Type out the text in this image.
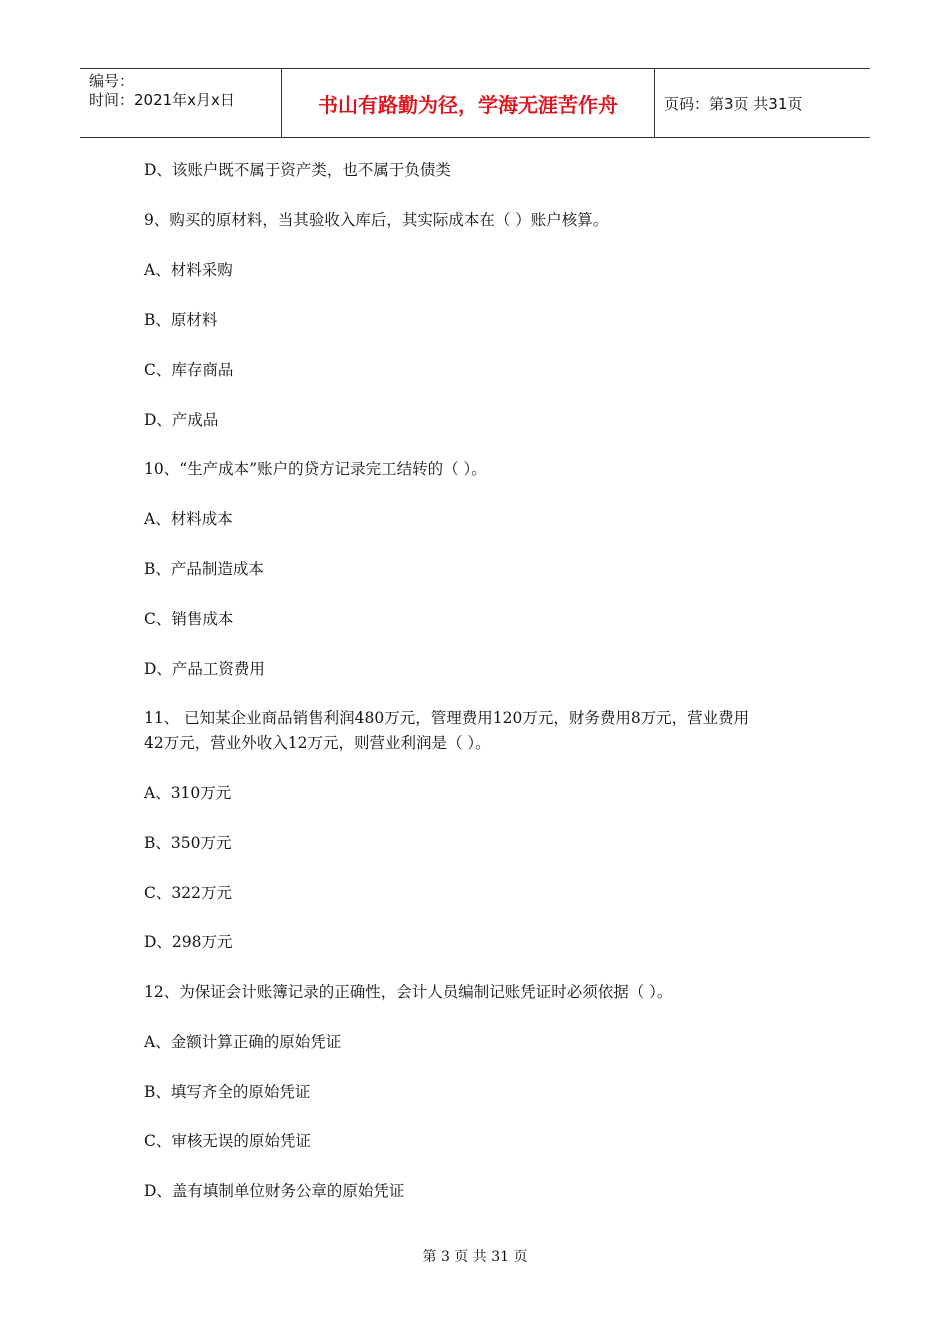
编号：
时间：2021年x月x日	书山有路勤为径，学海无涯苦作舟	页码：第3页 共31页
D、该账户既不属于资产类，也不属于负债类
9、购买的原材料，当其验收入库后，其实际成本在（ ）账户核算。
A、材料采购
B、原材料
C、库存商品
D、产成品
10、“生产成本”账户的贷方记录完工结转的（ ）。
A、材料成本
B、产品制造成本
C、销售成本
D、产品工资费用
11、 已知某企业商品销售利润480万元，管理费用120万元，财务费用8万元，营业费用
42万元，营业外收入12万元，则营业利润是（ ）。
A、310万元
B、350万元
C、322万元
D、298万元
12、为保证会计账簿记录的正确性，会计人员编制记账凭证时必须依据（ ）。
A、金额计算正确的原始凭证
B、填写齐全的原始凭证
C、审核无误的原始凭证
D、盖有填制单位财务公章的原始凭证
第 3 页 共 31 页
